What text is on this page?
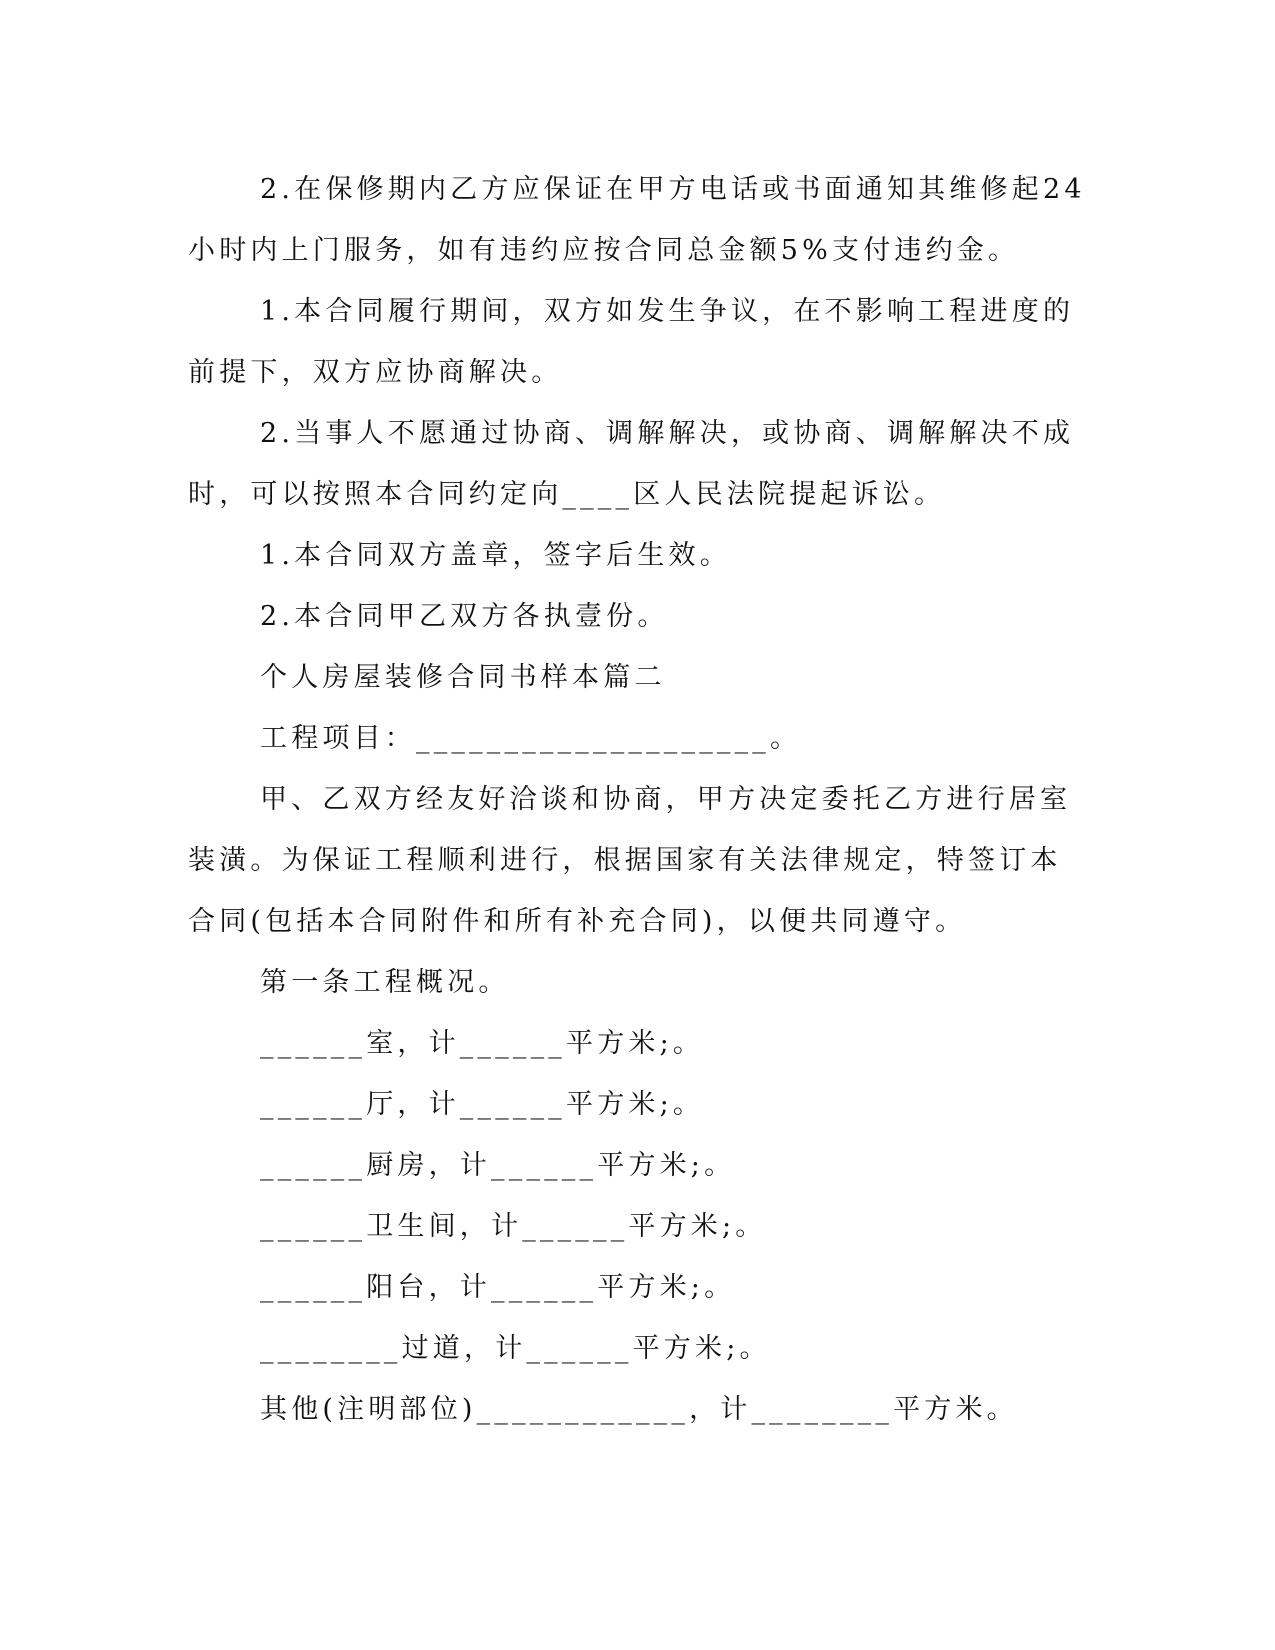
2.在保修期内乙方应保证在甲方电话或书面通知其维修起24小时内上门服务，如有违约应按合同总金额5%支付违约金。

1.本合同履行期间，双方如发生争议，在不影响工程进度的前提下，双方应协商解决。

2.当事人不愿通过协商、调解解决，或协商、调解解决不成时，可以按照本合同约定向____区人民法院提起诉讼。

1.本合同双方盖章，签字后生效。

2.本合同甲乙双方各执壹份。

个人房屋装修合同书样本篇二

工程项目：____________________。

甲、乙双方经友好洽谈和协商，甲方决定委托乙方进行居室装潢。为保证工程顺利进行，根据国家有关法律规定，特签订本合同(包括本合同附件和所有补充合同)，以便共同遵守。

第一条工程概况。

______室，计______平方米;。

______厅，计______平方米;。

______厨房，计______平方米;。

______卫生间，计______平方米;。

______阳台，计______平方米;。

________过道，计______平方米;。

其他(注明部位)____________，计________平方米。
